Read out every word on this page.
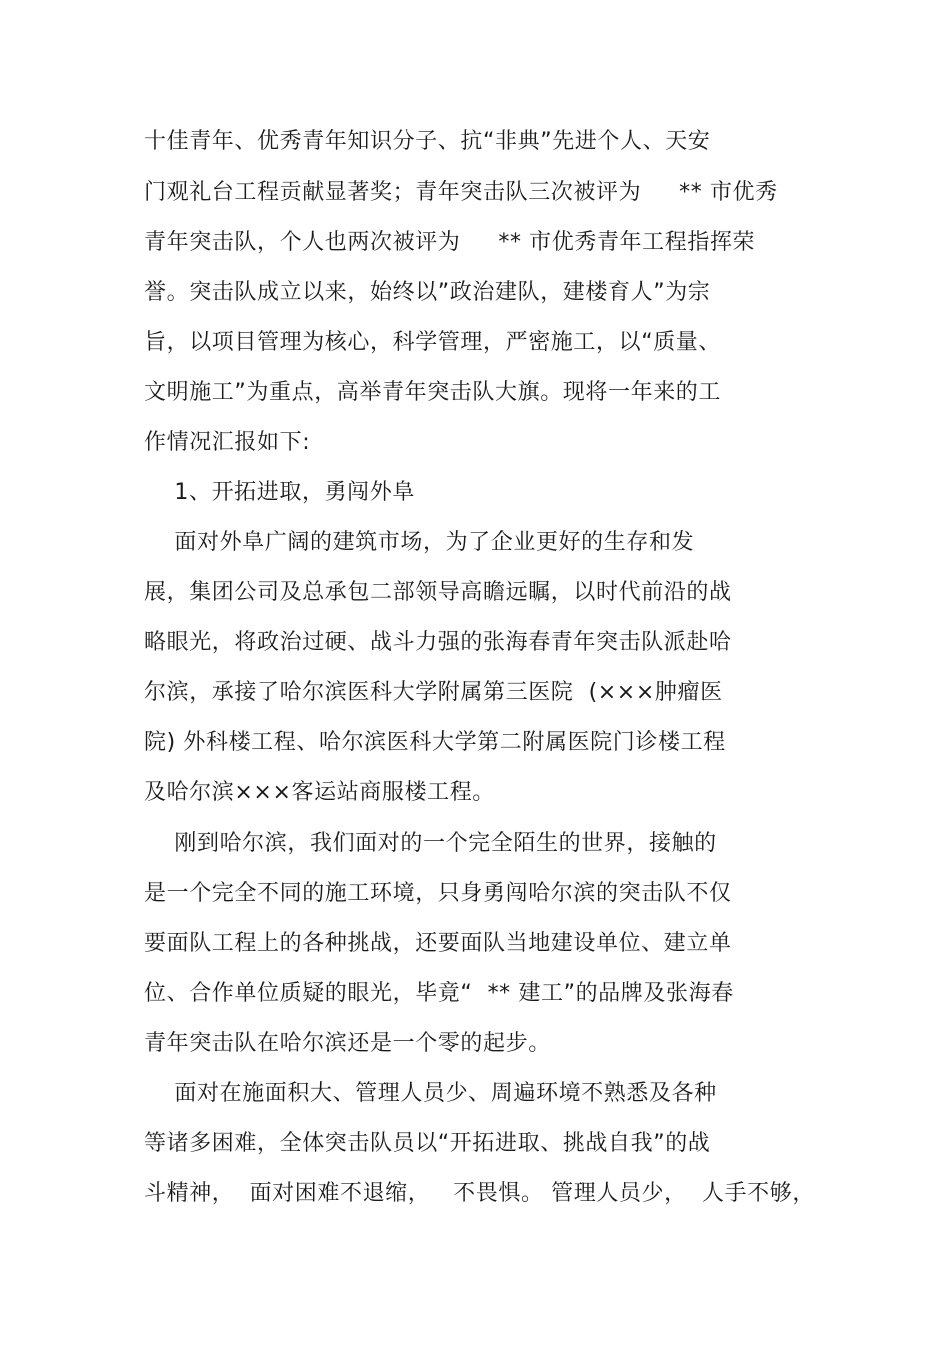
十佳青年、优秀青年知识分子、抗“非典”先进个人、天安

门观礼台工程贡献显著奖；青年突击队三次被评为     ** 市优秀

青年突击队，个人也两次被评为     ** 市优秀青年工程指挥荣

誉。突击队成立以来，始终以”政治建队，建楼育人”为宗

旨，以项目管理为核心，科学管理，严密施工，以“质量、

文明施工”为重点，高举青年突击队大旗。现将一年来的工

作情况汇报如下:

1、开拓进取，勇闯外阜

面对外阜广阔的建筑市场，为了企业更好的生存和发

展，集团公司及总承包二部领导高瞻远瞩，以时代前沿的战

略眼光，将政治过硬、战斗力强的张海春青年突击队派赴哈

尔滨，承接了哈尔滨医科大学附属第三医院  (×××肿瘤医

院) 外科楼工程、哈尔滨医科大学第二附属医院门诊楼工程

及哈尔滨×××客运站商服楼工程。

刚到哈尔滨，我们面对的一个完全陌生的世界，接触的

是一个完全不同的施工环境，只身勇闯哈尔滨的突击队不仅

要面队工程上的各种挑战，还要面队当地建设单位、建立单

位、合作单位质疑的眼光，毕竟“  ** 建工”的品牌及张海春

青年突击队在哈尔滨还是一个零的起步。

面对在施面积大、管理人员少、周遍环境不熟悉及各种

等诸多困难，全体突击队员以“开拓进取、挑战自我”的战

斗精神，  面对困难不退缩，   不畏惧。 管理人员少，  人手不够，
